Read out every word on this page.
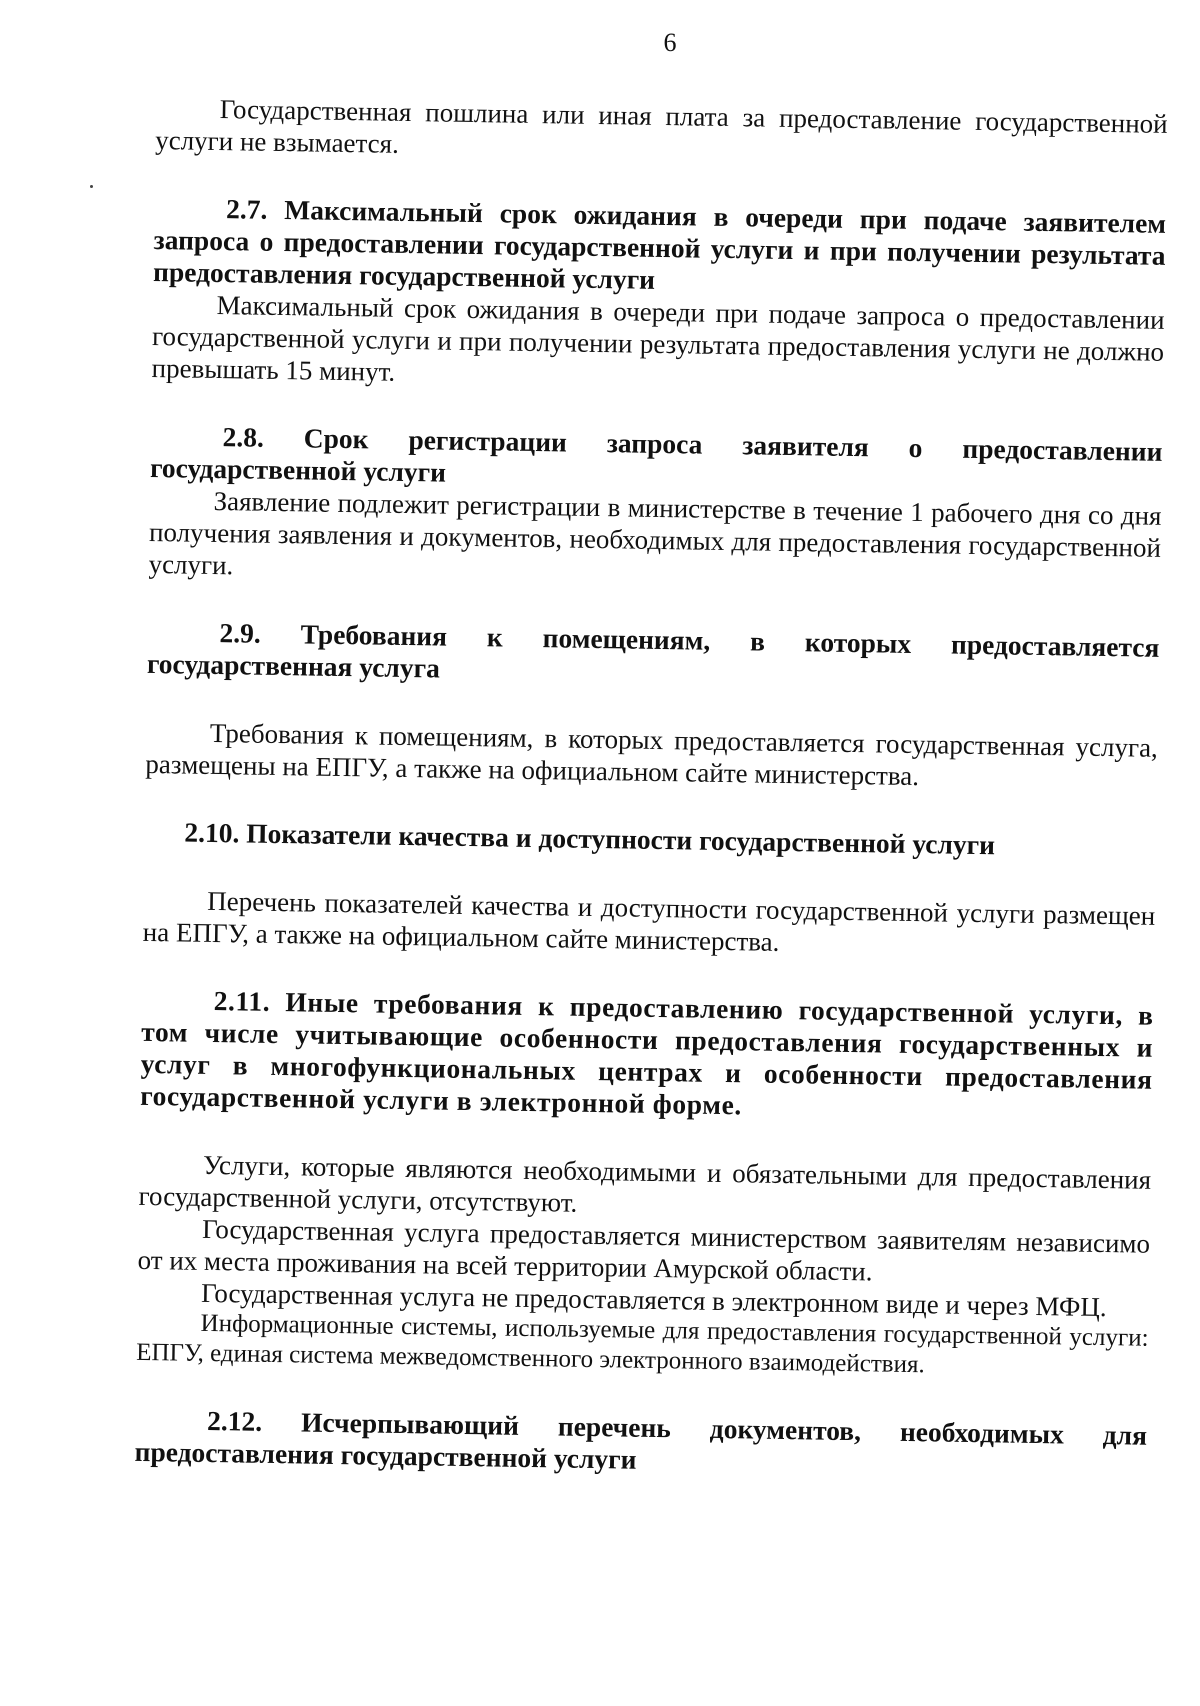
6

Государственная пошлина или иная плата за предоставление государственной услуги не взымается.

2.7. Максимальный срок ожидания в очереди при подаче заявителем запроса о предоставлении государственной услуги и при получении результата предоставления государственной услуги

Максимальный срок ожидания в очереди при подаче запроса о предоставлении государственной услуги и при получении результата предоставления услуги не должно превышать 15 минут.

2.8. Срок регистрации запроса заявителя о предоставлении государственной услуги

Заявление подлежит регистрации в министерстве в течение 1 рабочего дня со дня получения заявления и документов, необходимых для предоставления государственной услуги.

2.9. Требования к помещениям, в которых предоставляется государственная услуга

Требования к помещениям, в которых предоставляется государственная услуга, размещены на ЕПГУ, а также на официальном сайте министерства.

2.10. Показатели качества и доступности государственной услуги

Перечень показателей качества и доступности государственной услуги размещен на ЕПГУ, а также на официальном сайте министерства.

2.11. Иные требования к предоставлению государственной услуги, в том числе учитывающие особенности предоставления государственных и услуг в многофункциональных центрах и особенности предоставления государственной услуги в электронной форме.

Услуги, которые являются необходимыми и обязательными для предоставления государственной услуги, отсутствуют.

Государственная услуга предоставляется министерством заявителям независимо от их места проживания на всей территории Амурской области.

Государственная услуга не предоставляется в электронном виде и через МФЦ.

Информационные системы, используемые для предоставления государственной услуги: ЕПГУ, единая система межведомственного электронного взаимодействия.

2.12. Исчерпывающий перечень документов, необходимых для предоставления государственной услуги
